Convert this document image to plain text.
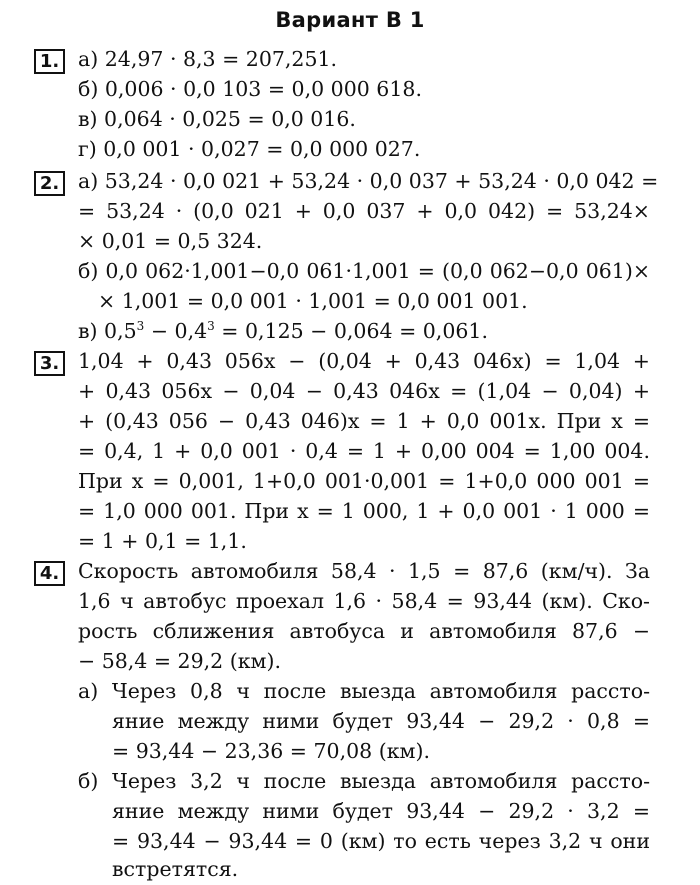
Вариант В 1
1. а) 24,97 · 8,3 = 207,251.
б) 0,006 · 0,0 103 = 0,0 000 618.
в) 0,064 · 0,025 = 0,0 016.
г) 0,0 001 · 0,027 = 0,0 000 027.
2. а) 53,24 · 0,0 021 + 53,24 · 0,0 037 + 53,24 · 0,0 042 =
= 53,24 · (0,0 021 + 0,0 037 + 0,0 042) = 53,24×
× 0,01 = 0,5 324.
б) 0,0 062·1,001−0,0 061·1,001 = (0,0 062−0,0 061)×
× 1,001 = 0,0 001 · 1,001 = 0,0 001 001.
в) $0,5^3 - 0,4^3 = 0,125 - 0,064 = 0,061$.
3. 1,04 + 0,43 056x − (0,04 + 0,43 046x) = 1,04 +
+ 0,43 056x − 0,04 − 0,43 046x = (1,04 − 0,04) +
+ (0,43 056 − 0,43 046)x = 1 + 0,0 001x. При x =
= 0,4, 1 + 0,0 001 · 0,4 = 1 + 0,00 004 = 1,00 004.
При x = 0,001, 1+0,0 001·0,001 = 1+0,0 000 001 =
= 1,0 000 001. При x = 1 000, 1 + 0,0 001 · 1 000 =
= 1 + 0,1 = 1,1.
4. Скорость автомобиля 58,4 · 1,5 = 87,6 (км/ч). За
1,6 ч автобус проехал 1,6 · 58,4 = 93,44 (км). Ско-
рость сближения автобуса и автомобиля 87,6 −
− 58,4 = 29,2 (км).
а) Через 0,8 ч после выезда автомобиля рассто-
яние между ними будет 93,44 − 29,2 · 0,8 =
= 93,44 − 23,36 = 70,08 (км).
б) Через 3,2 ч после выезда автомобиля рассто-
яние между ними будет 93,44 − 29,2 · 3,2 =
= 93,44 − 93,44 = 0 (км) то есть через 3,2 ч они
встретятся.
